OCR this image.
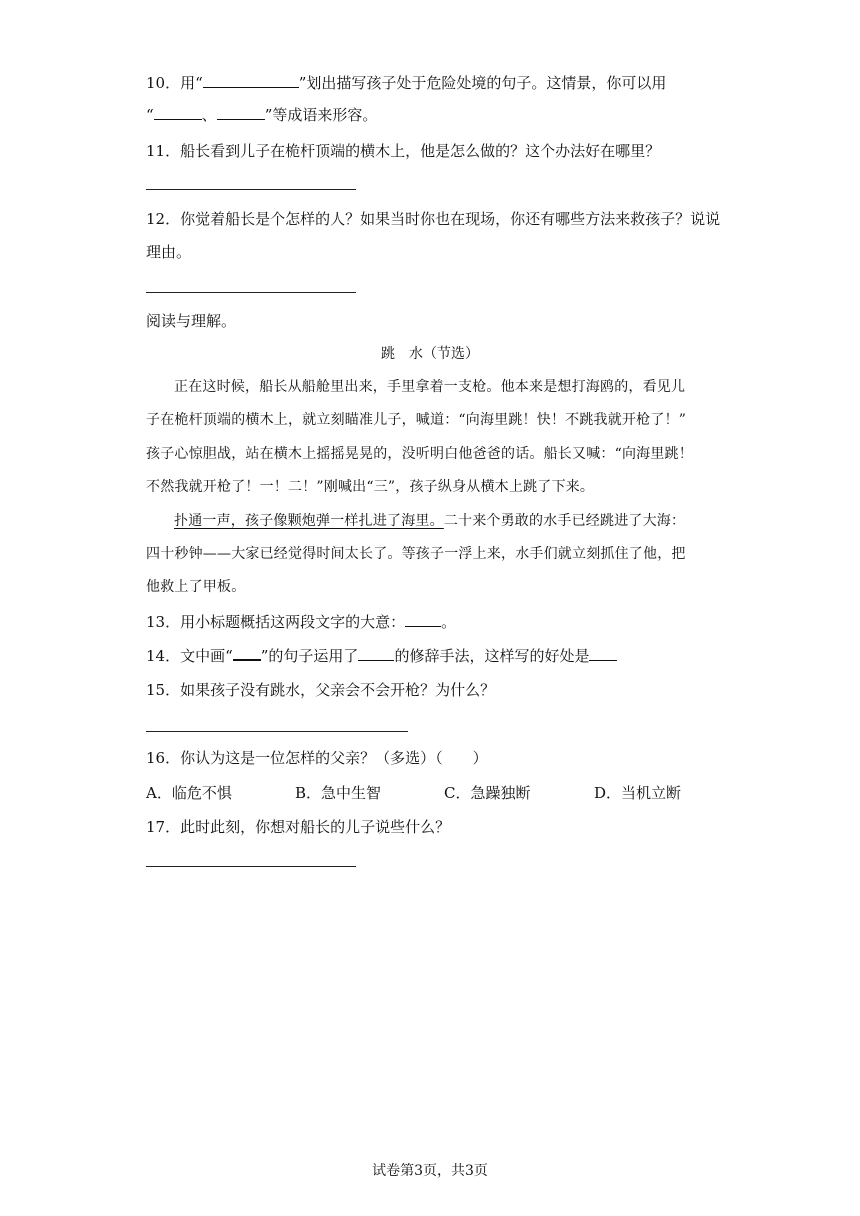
10．用“	”划出描写孩子处于危险处境的句子。这情景，你可以用
“	、	”等成语来形容。
11．船长看到儿子在桅杆顶端的横木上，他是怎么做的？这个办法好在哪里？
12．你觉着船长是个怎样的人？如果当时你也在现场，你还有哪些方法来救孩子？说说
理由。
阅读与理解。
跳　水（节选）
正在这时候，船长从船舱里出来，手里拿着一支枪。他本来是想打海鸥的，看见儿
子在桅杆顶端的横木上，就立刻瞄准儿子，喊道：“向海里跳！快！不跳我就开枪了！”
孩子心惊胆战，站在横木上摇摇晃晃的，没听明白他爸爸的话。船长又喊：“向海里跳！
不然我就开枪了！一！二！”刚喊出“三”，孩子纵身从横木上跳了下来。
扑通一声，孩子像颗炮弹一样扎进了海里。二十来个勇敢的水手已经跳进了大海：
四十秒钟——大家已经觉得时间太长了。等孩子一浮上来，水手们就立刻抓住了他，把
他救上了甲板。
13．用小标题概括这两段文字的大意： 。
14．文中画“ ”的句子运用了 的修辞手法，这样写的好处是
15．如果孩子没有跳水，父亲会不会开枪？为什么？
16．你认为这是一位怎样的父亲？（多选）（　　）
A．临危不惧	B．急中生智	C．急躁独断	D．当机立断
17．此时此刻，你想对船长的儿子说些什么？
试卷第3页，共3页
